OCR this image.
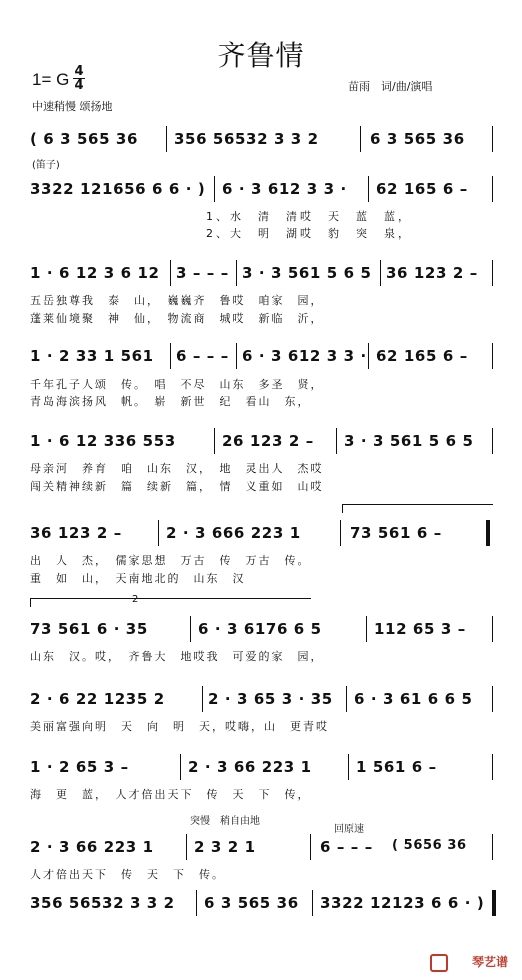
齐鲁情
1= G 4
4
中速稍慢 颂扬地
苗雨　词/曲/演唱
( 6 3 565 36 356 56532 3 3 2	6 3 565 36
(笛子)
3322 121656 6 6 · ) 6 · 3 612 3 3 · 62 165 6 –
1、水　清　清哎　天　蓝　蓝，
2、大　明　湖哎　豹　突　泉，
1 · 6 12 3 6 12 3 – – – 3 · 3 561 5 6 5 36 123 2 –
五岳独尊我　泰　山，　巍巍齐　鲁哎　咱家　园，
蓬莱仙境聚　神　仙，　物流商　城哎　新临　沂，
1 · 2 33 1 561 6 – – – 6 · 3 612 3 3 · 62 165 6 –
千年孔子人颂　传。　唱　不尽　山东　多圣　贤，
青岛海滨扬风　帆。　崭　新世　纪　看山　东，
1 · 6 12 336 553	26 123 2 – 3 · 3 561 5 6 5
母亲河　养育　咱　山东　汉，　地　灵出人　杰哎
闯关精神续新　篇　续新　篇，　情　义重如　山哎
36 123 2 –	2 · 3 666 223 1	73 561 6 –
出　人　杰，　儒家思想　万古　传　万古　传。
重　如　山，　天南地北的　山东　汉
2
73 561 6 · 35	6 · 3 6176 6 5	112 65 3 –
山东　汉。哎，　齐鲁大　地哎我　可爱的家　园，
2 · 6 22 1235 2	2 · 3 65 3 · 35 6 · 3 61 6 6 5
美丽富强向明　天　向　明　天，哎嗨，山　更青哎
1 · 2 65 3 –	2 · 3 66 223 1	1 561 6 –
海　更　蓝，　人才倍出天下　传　天　下　传，
突慢　稍自由地
回原速
2 · 3 66 223 1	2 3 2 1	6 – – – ( 5656 36
人才倍出天下　传　天　下　传。
356 56532 3 3 2 6 3 565 36 3322 12123 6 6 · )
琴艺谱
